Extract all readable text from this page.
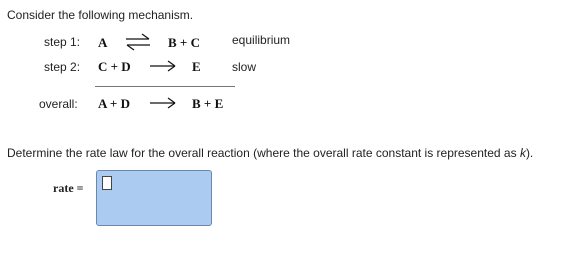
Consider the following mechanism.
step 1: A ⇌ B + C	equilibrium
step 2: C + D	E	slow
overall: A + D	B + E
Determine the rate law for the overall reaction (where the overall rate constant is represented as k).
rate =
